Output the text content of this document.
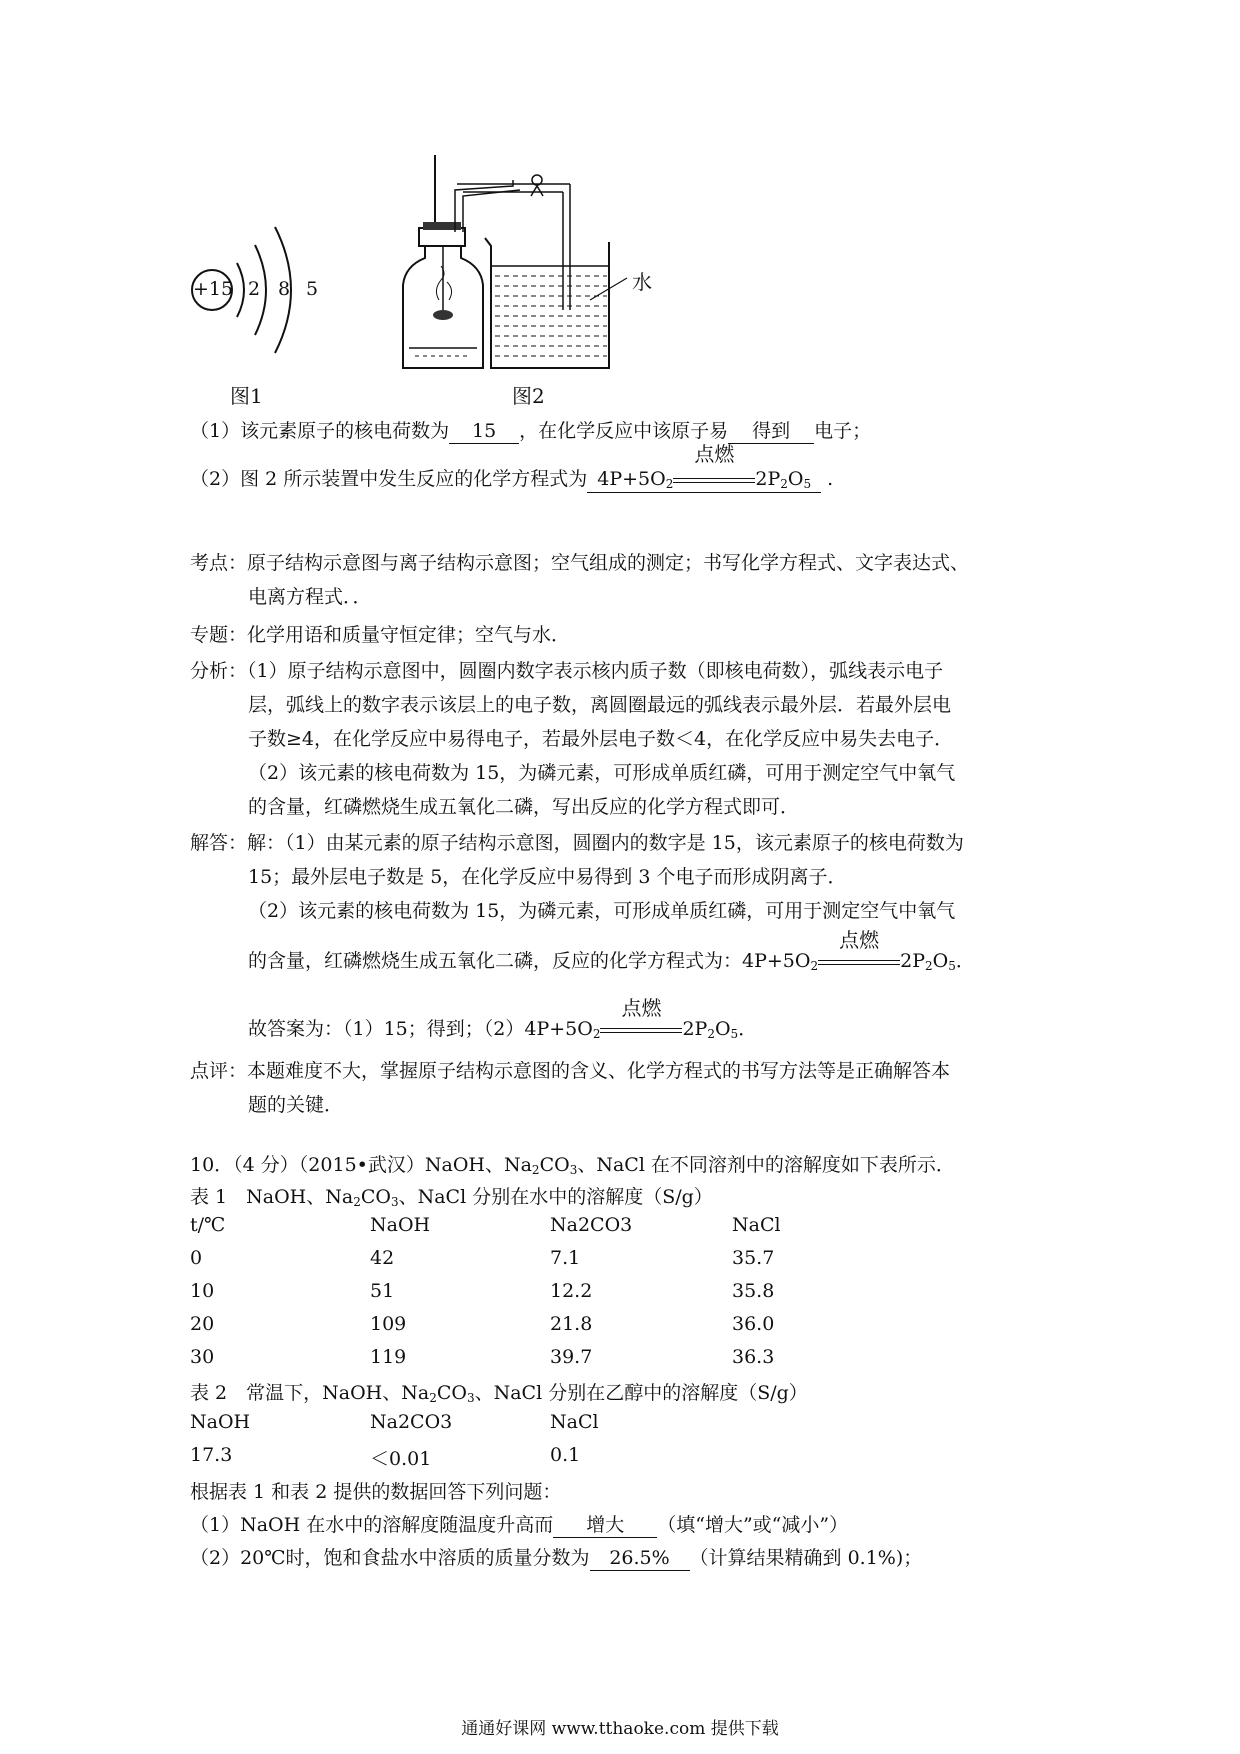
+15 2 8 5
图1
水
图2
（1）该元素原子的核电荷数为 15 ，在化学反应中该原子易 得到 电子；
（2）图 2 所示装置中发生反应的化学方程式为 $4P+5O_2$
点燃
$2P_2O_5$ .
考点：原子结构示意图与离子结构示意图；空气组成的测定；书写化学方程式、文字表达式、
电离方程式．．
专题：化学用语和质量守恒定律；空气与水．
分析：（1）原子结构示意图中，圆圈内数字表示核内质子数（即核电荷数），弧线表示电子
层，弧线上的数字表示该层上的电子数，离圆圈最远的弧线表示最外层．若最外层电
子数≥4，在化学反应中易得电子，若最外层电子数＜4，在化学反应中易失去电子．
（2）该元素的核电荷数为 15，为磷元素，可形成单质红磷，可用于测定空气中氧气
的含量，红磷燃烧生成五氧化二磷，写出反应的化学方程式即可．
解答：解：（1）由某元素的原子结构示意图，圆圈内的数字是 15，该元素原子的核电荷数为
15；最外层电子数是 5，在化学反应中易得到 3 个电子而形成阴离子．
（2）该元素的核电荷数为 15，为磷元素，可形成单质红磷，可用于测定空气中氧气
的含量，红磷燃烧生成五氧化二磷，反应的化学方程式为：$4P+5O_2$
点燃
$2P_2O_5$．
故答案为：（1）15；得到；$(2)4P+5O_2$
点燃
$2P_2O_5$．
点评：本题难度不大，掌握原子结构示意图的含义、化学方程式的书写方法等是正确解答本
题的关键．
10．（4 分）（2015•武汉）NaOH、$Na_2CO_3$、NaCl 在不同溶剂中的溶解度如下表所示．
表 1　NaOH、$Na_2CO_3$、NaCl 分别在水中的溶解度（S/g）
t/℃	NaOH	Na2CO3	NaCl
0	42	7.1	35.7
10	51	12.2	35.8
20	109	21.8	36.0
30	119	39.7	36.3
表 2　常温下，NaOH、$Na_2CO_3$、NaCl 分别在乙醇中的溶解度（S/g）
NaOH	Na2CO3	NaCl
17.3	＜0.01	0.1
根据表 1 和表 2 提供的数据回答下列问题：
（1）NaOH 在水中的溶解度随温度升高而 增大 （填“增大”或“减小”）
（2）20℃时，饱和食盐水中溶质的质量分数为 26.5% （计算结果精确到 0.1%)；
通通好课网 www.tthaoke.com 提供下载
